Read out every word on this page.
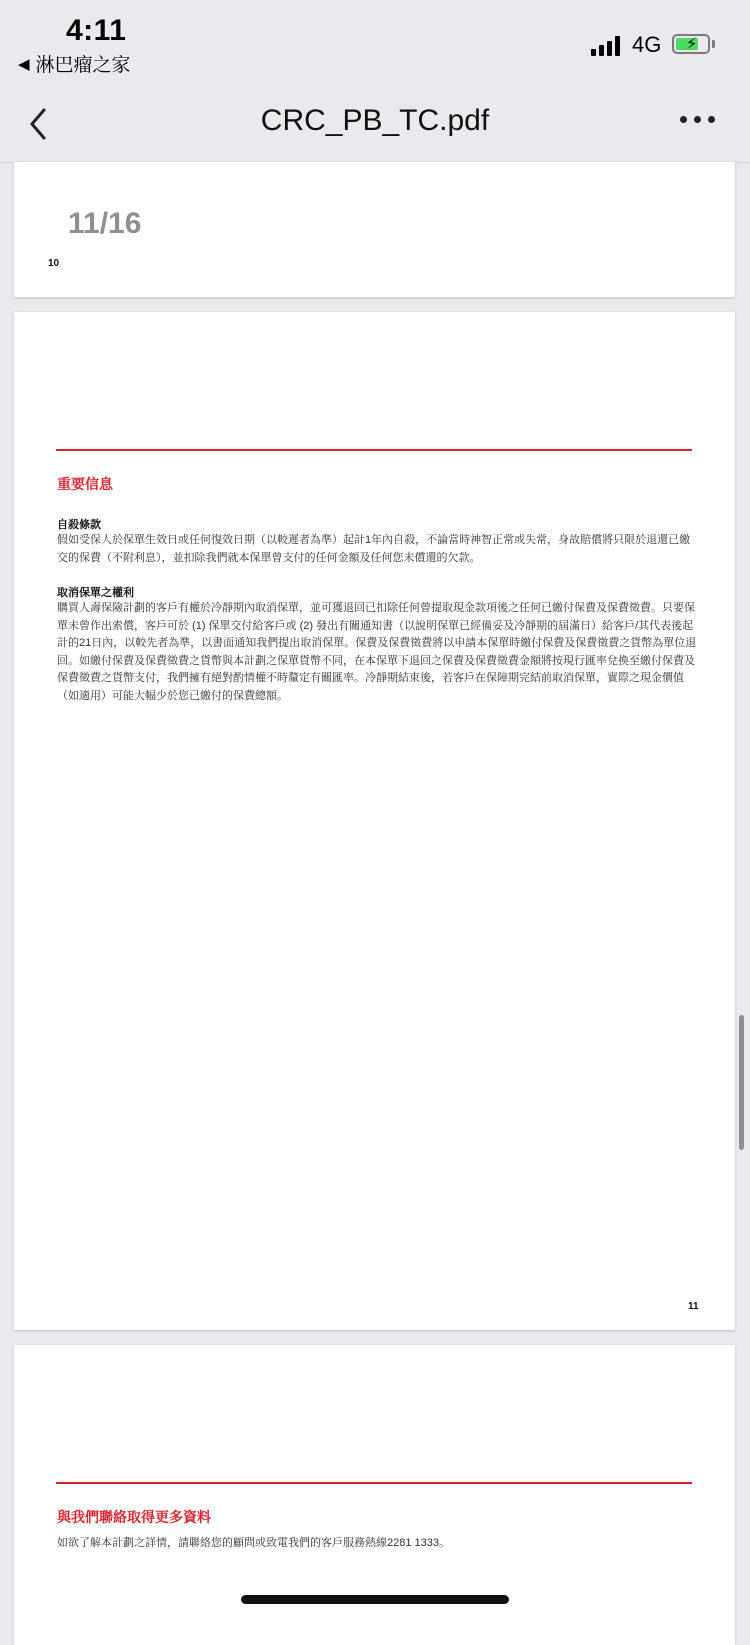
4:11
◀ 淋巴瘤之家
4G ⚡
CRC_PB_TC.pdf
11/16
10
重要信息
自殺條款
假如受保人於保單生效日或任何復效日期（以較遲者為準）起計1年內自殺，不論當時神智正常或失常，身故賠償將只限於退還已繳交的保費（不附利息），並扣除我們就本保單曾支付的任何金額及任何您未償還的欠款。
取消保單之權利
購買人壽保險計劃的客戶有權於冷靜期內取消保單，並可獲退回已扣除任何曾提取現金款項後之任何已繳付保費及保費徵費。只要保單未曾作出索償，客戶可於 (1) 保單交付給客戶或 (2) 發出有關通知書（以說明保單已經備妥及冷靜期的屆滿日）給客戶/其代表後起計的21日內，以較先者為準，以書面通知我們提出取消保單。保費及保費徵費將以申請本保單時繳付保費及保費徵費之貨幣為單位退回。如繳付保費及保費徵費之貨幣與本計劃之保單貨幣不同，在本保單下退回之保費及保費徵費金額將按現行匯率兌換至繳付保費及保費徵費之貨幣支付，我們擁有絕對酌情權不時釐定有關匯率。冷靜期結束後，若客戶在保障期完結前取消保單，實際之現金價值（如適用）可能大幅少於您已繳付的保費總額。
11
與我們聯絡取得更多資料
如欲了解本計劃之詳情，請聯絡您的顧問或致電我們的客戶服務熱線2281 1333。
